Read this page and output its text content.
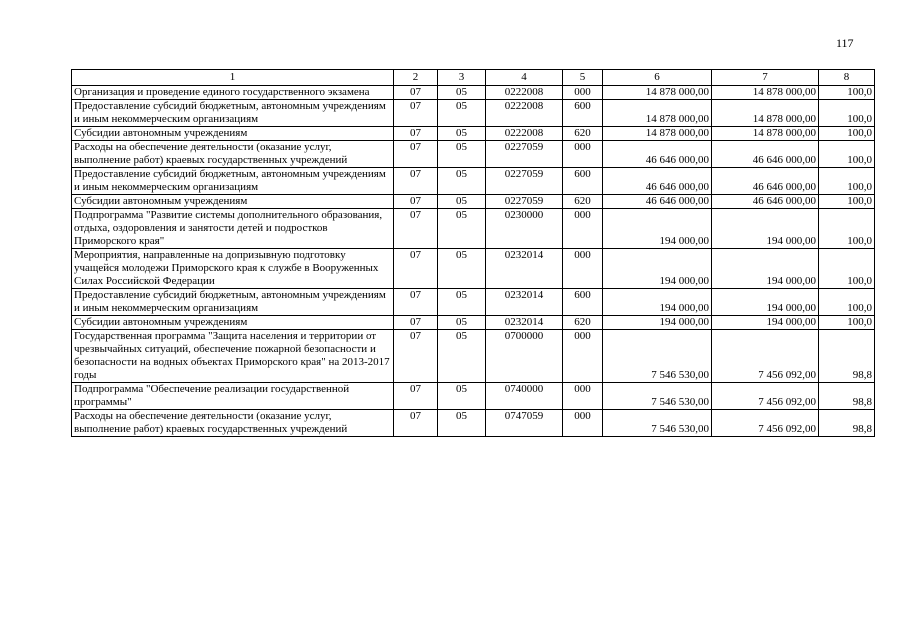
117
1	2	3	4	5	6	7	8
Организация и проведение единого государственного экзамена	07	05	0222008	000	14 878 000,00	14 878 000,00	100,0
Предоставление субсидий бюджетным, автономным учреждениям и иным некоммерческим организациям	07	05	0222008	600	14 878 000,00	14 878 000,00	100,0
Субсидии автономным учреждениям	07	05	0222008	620	14 878 000,00	14 878 000,00	100,0
Расходы на обеспечение деятельности (оказание услуг, выполнение работ) краевых государственных учреждений	07	05	0227059	000	46 646 000,00	46 646 000,00	100,0
Предоставление субсидий бюджетным, автономным учреждениям и иным некоммерческим организациям	07	05	0227059	600	46 646 000,00	46 646 000,00	100,0
Субсидии автономным учреждениям	07	05	0227059	620	46 646 000,00	46 646 000,00	100,0
Подпрограмма "Развитие системы дополнительного образования, отдыха, оздоровления и занятости детей и подростков Приморского края"	07	05	0230000	000	194 000,00	194 000,00	100,0
Мероприятия, направленные на допризывную подготовку учащейся молодежи Приморского края к службе в Вооруженных Силах Российской Федерации	07	05	0232014	000	194 000,00	194 000,00	100,0
Предоставление субсидий бюджетным, автономным учреждениям и иным некоммерческим организациям	07	05	0232014	600	194 000,00	194 000,00	100,0
Субсидии автономным учреждениям	07	05	0232014	620	194 000,00	194 000,00	100,0
Государственная программа "Защита населения и территории от чрезвычайных ситуаций, обеспечение пожарной безопасности и безопасности на водных объектах Приморского края" на 2013-2017 годы	07	05	0700000	000	7 546 530,00	7 456 092,00	98,8
Подпрограмма "Обеспечение реализации государственной программы"	07	05	0740000	000	7 546 530,00	7 456 092,00	98,8
Расходы на обеспечение деятельности (оказание услуг, выполнение работ) краевых государственных учреждений	07	05	0747059	000	7 546 530,00	7 456 092,00	98,8
